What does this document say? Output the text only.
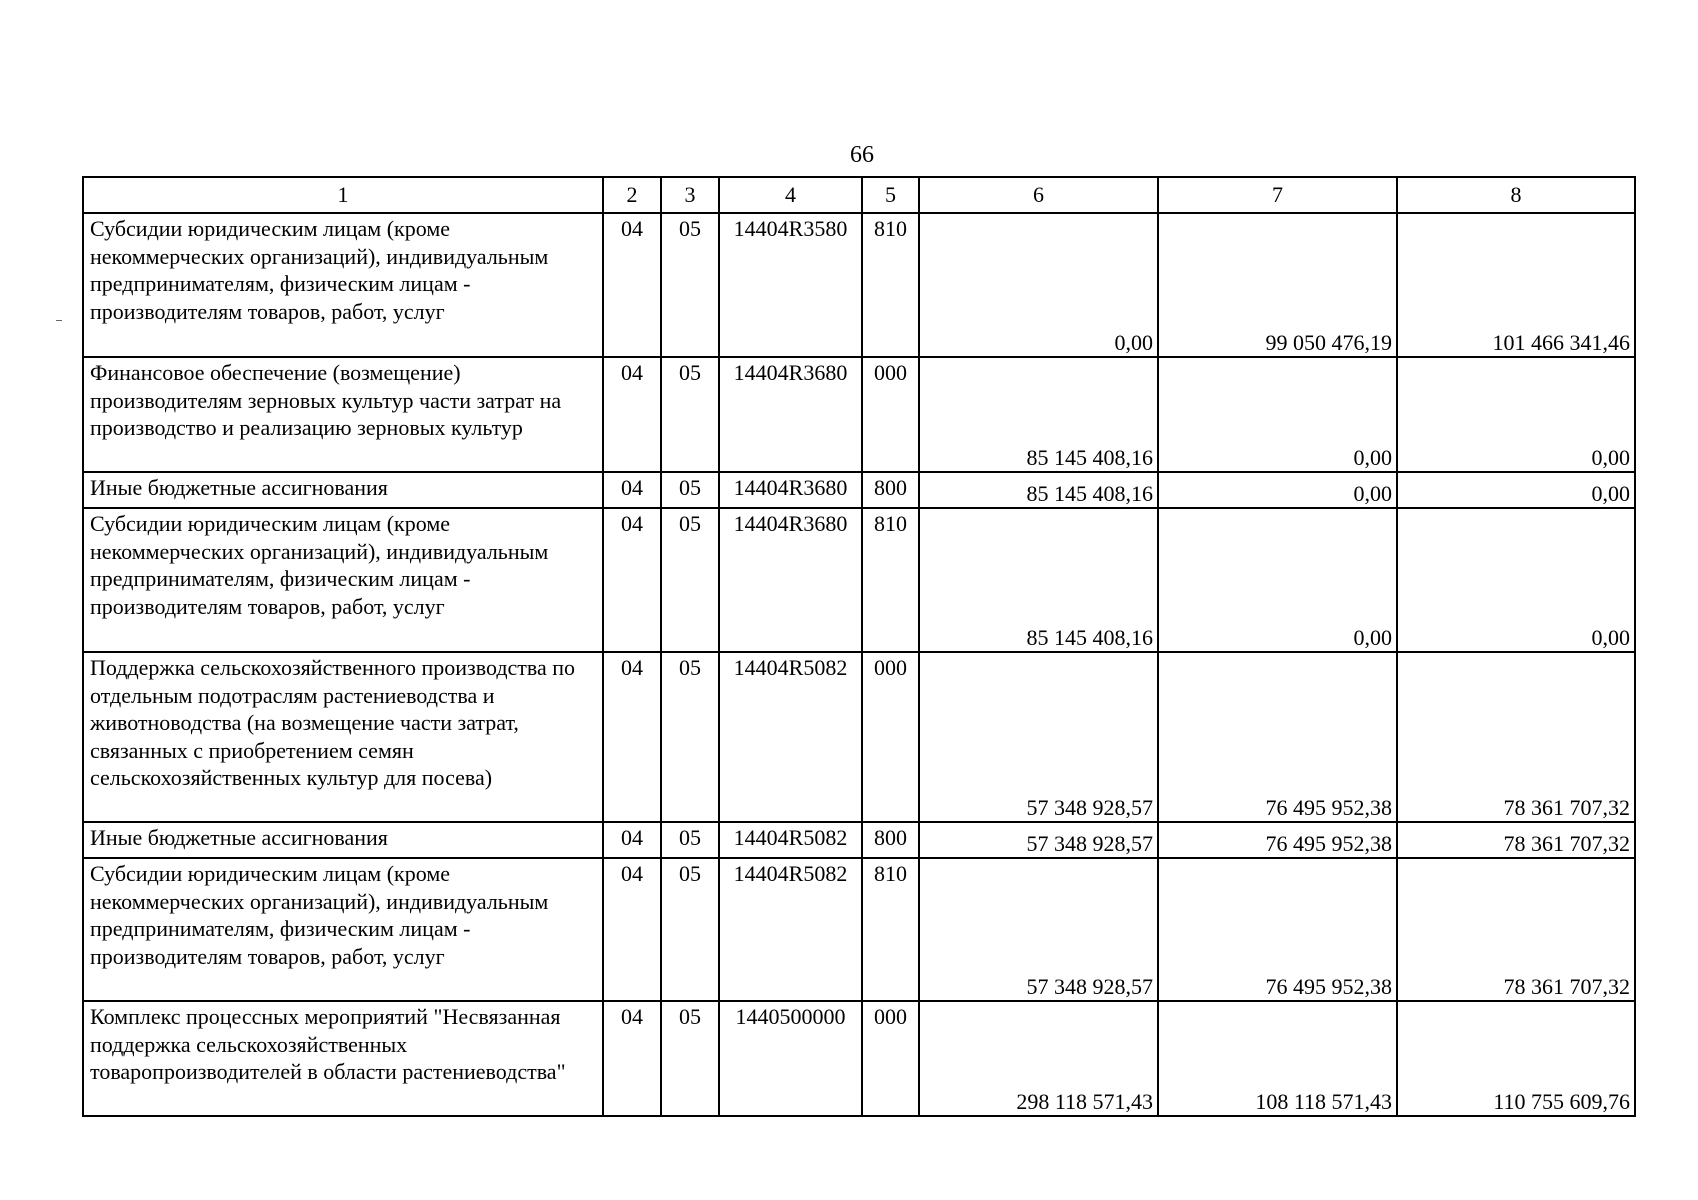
66
1	2	3	4	5	6	7	8
Субсидии юридическим лицам (кроме некоммерческих организаций), индивидуальным предпринимателям, физическим лицам - производителям товаров, работ, услуг	04	05	14404R3580	810	0,00	99 050 476,19	101 466 341,46
Финансовое обеспечение (возмещение) производителям зерновых культур части затрат на производство и реализацию зерновых культур	04	05	14404R3680	000	85 145 408,16	0,00	0,00
Иные бюджетные ассигнования	04	05	14404R3680	800	85 145 408,16	0,00	0,00
Субсидии юридическим лицам (кроме некоммерческих организаций), индивидуальным предпринимателям, физическим лицам - производителям товаров, работ, услуг	04	05	14404R3680	810	85 145 408,16	0,00	0,00
Поддержка сельскохозяйственного производства по отдельным подотраслям растениеводства и животноводства (на возмещение части затрат, связанных с приобретением семян сельскохозяйственных культур для посева)	04	05	14404R5082	000	57 348 928,57	76 495 952,38	78 361 707,32
Иные бюджетные ассигнования	04	05	14404R5082	800	57 348 928,57	76 495 952,38	78 361 707,32
Субсидии юридическим лицам (кроме некоммерческих организаций), индивидуальным предпринимателям, физическим лицам - производителям товаров, работ, услуг	04	05	14404R5082	810	57 348 928,57	76 495 952,38	78 361 707,32
Комплекс процессных мероприятий "Несвязанная поддержка сельскохозяйственных товаропроизводителей в области растениеводства"	04	05	1440500000	000	298 118 571,43	108 118 571,43	110 755 609,76
